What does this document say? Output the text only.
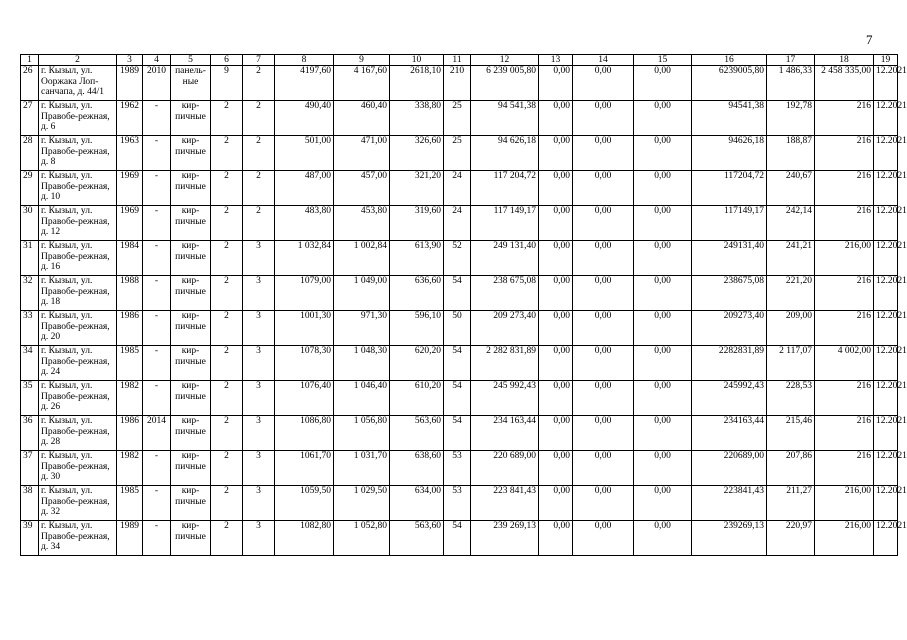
7
1	2	3	4	5	6	7	8	9	10	11	12	13	14	15	16	17	18	19
26	г. Кызыл, ул. Ооржака Лоп-санчапа, д. 44/1	1989	2010	панель-ные	9	2	4197,60	4 167,60	2618,10	210	6 239 005,80	0,00	0,00	0,00	6239005,80	1 486,33	2 458 335,00	12.2021
27	г. Кызыл, ул. Правобе-режная, д. 6	1962	-	кир-пичные	2	2	490,40	460,40	338,80	25	94 541,38	0,00	0,00	0,00	94541,38	192,78	216	12.2021
28	г. Кызыл, ул. Правобе-режная, д. 8	1963	-	кир-пичные	2	2	501,00	471,00	326,60	25	94 626,18	0,00	0,00	0,00	94626,18	188,87	216	12.2021
29	г. Кызыл, ул. Правобе-режная, д. 10	1969	-	кир-пичные	2	2	487,00	457,00	321,20	24	117 204,72	0,00	0,00	0,00	117204,72	240,67	216	12.2021
30	г. Кызыл, ул. Правобе-режная, д. 12	1969	-	кир-пичные	2	2	483,80	453,80	319,60	24	117 149,17	0,00	0,00	0,00	117149,17	242,14	216	12.2021
31	г. Кызыл, ул. Правобе-режная, д. 16	1984	-	кир-пичные	2	3	1 032,84	1 002,84	613,90	52	249 131,40	0,00	0,00	0,00	249131,40	241,21	216,00	12.2021
32	г. Кызыл, ул. Правобе-режная, д. 18	1988	-	кир-пичные	2	3	1079,00	1 049,00	636,60	54	238 675,08	0,00	0,00	0,00	238675,08	221,20	216	12.2021
33	г. Кызыл, ул. Правобе-режная, д. 20	1986	-	кир-пичные	2	3	1001,30	971,30	596,10	50	209 273,40	0,00	0,00	0,00	209273,40	209,00	216	12.2021
34	г. Кызыл, ул. Правобе-режная, д. 24	1985	-	кир-пичные	2	3	1078,30	1 048,30	620,20	54	2 282 831,89	0,00	0,00	0,00	2282831,89	2 117,07	4 002,00	12.2021
35	г. Кызыл, ул. Правобе-режная, д. 26	1982	-	кир-пичные	2	3	1076,40	1 046,40	610,20	54	245 992,43	0,00	0,00	0,00	245992,43	228,53	216	12.2021
36	г. Кызыл, ул. Правобе-режная, д. 28	1986	2014	кир-пичные	2	3	1086,80	1 056,80	563,60	54	234 163,44	0,00	0,00	0,00	234163,44	215,46	216	12.2021
37	г. Кызыл, ул. Правобе-режная, д. 30	1982	-	кир-пичные	2	3	1061,70	1 031,70	638,60	53	220 689,00	0,00	0,00	0,00	220689,00	207,86	216	12.2021
38	г. Кызыл, ул. Правобе-режная, д. 32	1985	-	кир-пичные	2	3	1059,50	1 029,50	634,00	53	223 841,43	0,00	0,00	0,00	223841,43	211,27	216,00	12.2021
39	г. Кызыл, ул. Правобе-режная, д. 34	1989	-	кир-пичные	2	3	1082,80	1 052,80	563,60	54	239 269,13	0,00	0,00	0,00	239269,13	220,97	216,00	12.2021
